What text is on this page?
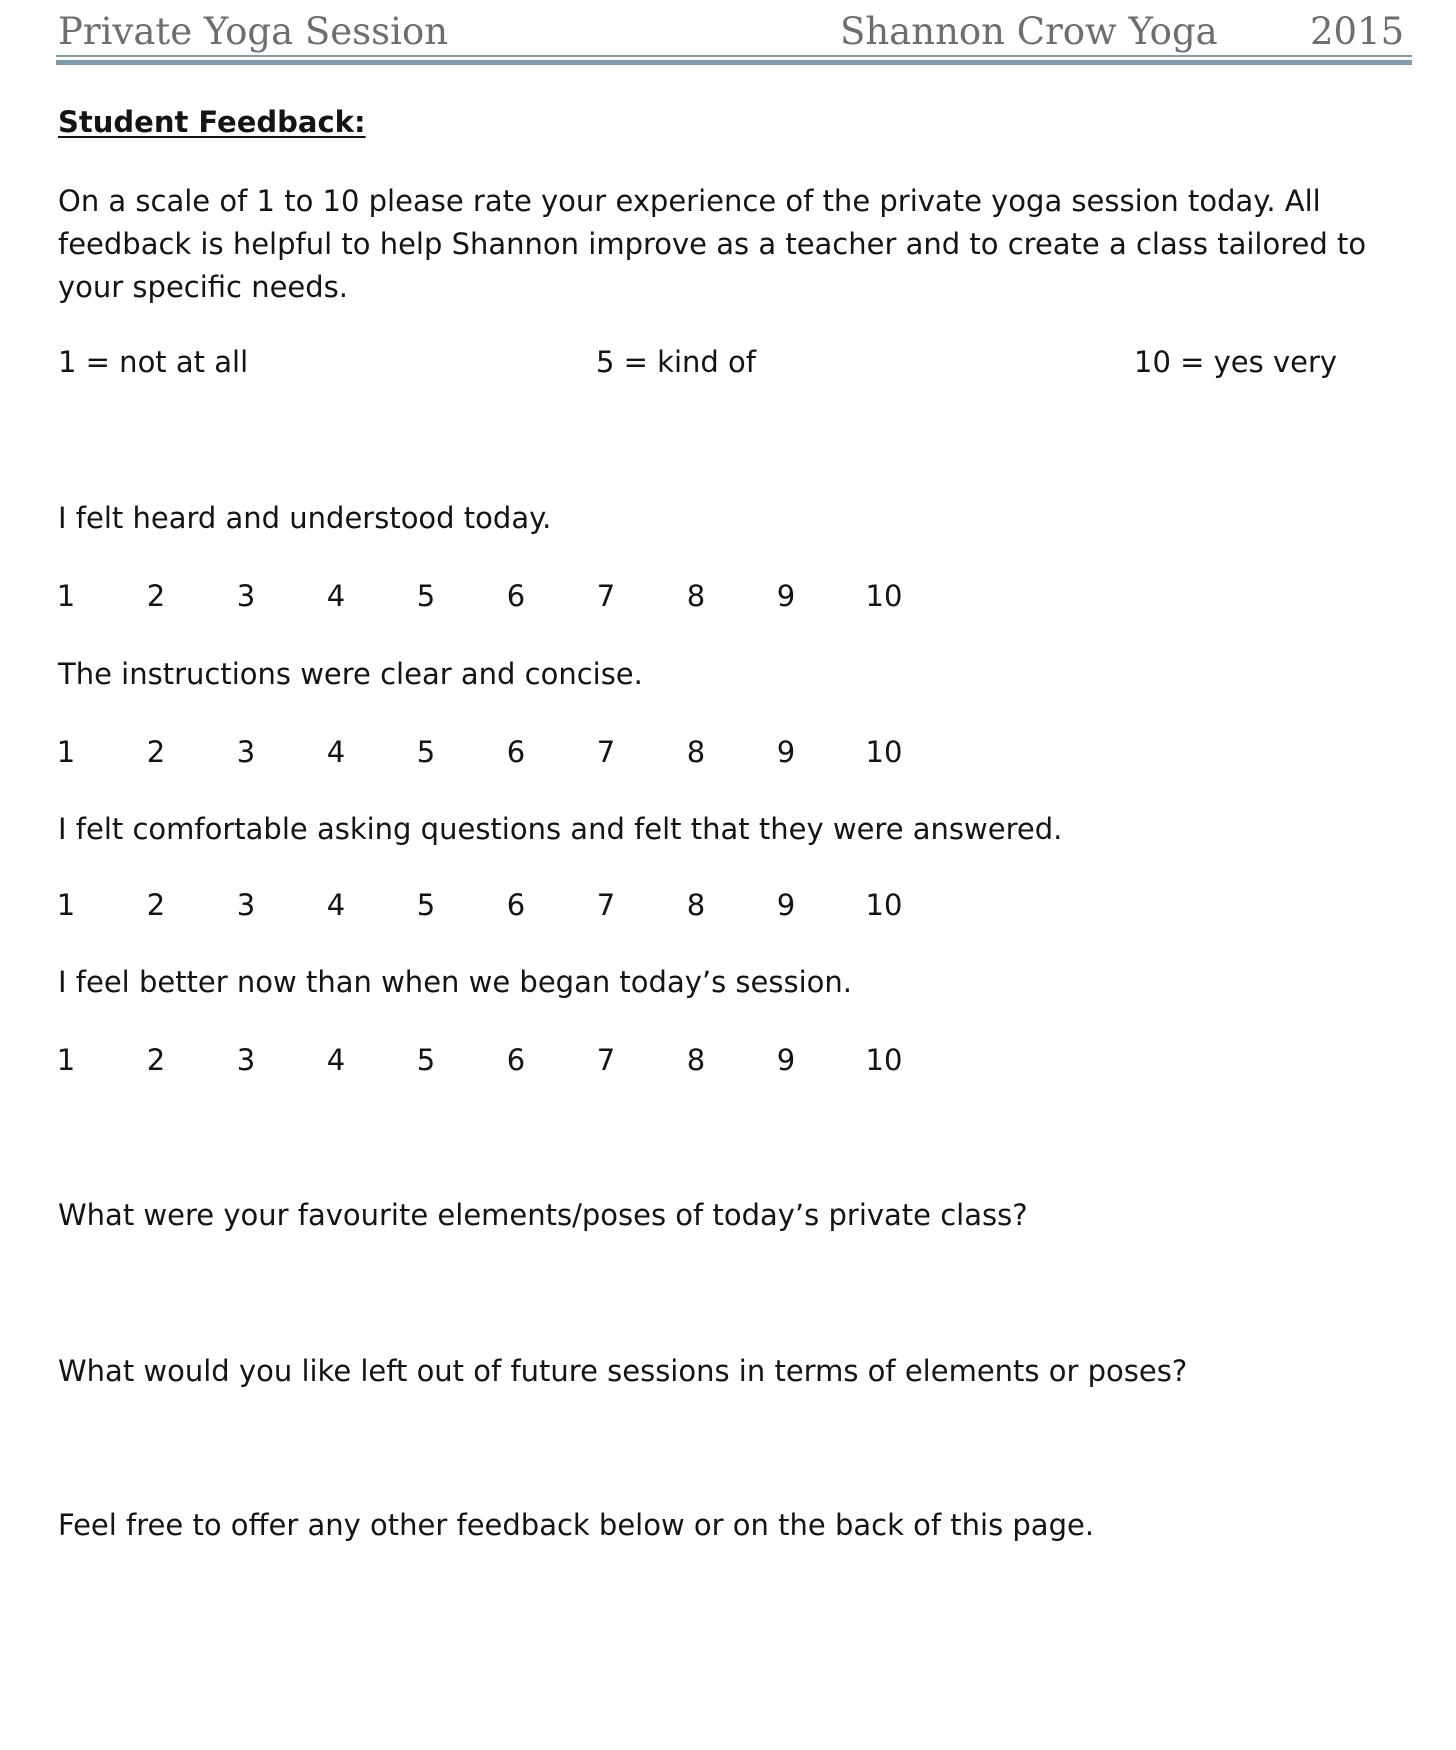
Private Yoga Session	Shannon Crow Yoga 2015
Student Feedback:
On a scale of 1 to 10 please rate your experience of the private yoga session today. All feedback is helpful to help Shannon improve as a teacher and to create a class tailored to your specific needs.
1 = not at all	5 = kind of	10 = yes very
I felt heard and understood today.
1	2	3	4	5	6	7	8	9	10
The instructions were clear and concise.
1	2	3	4	5	6	7	8	9	10
I felt comfortable asking questions and felt that they were answered.
1	2	3	4	5	6	7	8	9	10
I feel better now than when we began today’s session.
1	2	3	4	5	6	7	8	9	10
What were your favourite elements/poses of today’s private class?
What would you like left out of future sessions in terms of elements or poses?
Feel free to offer any other feedback below or on the back of this page.
